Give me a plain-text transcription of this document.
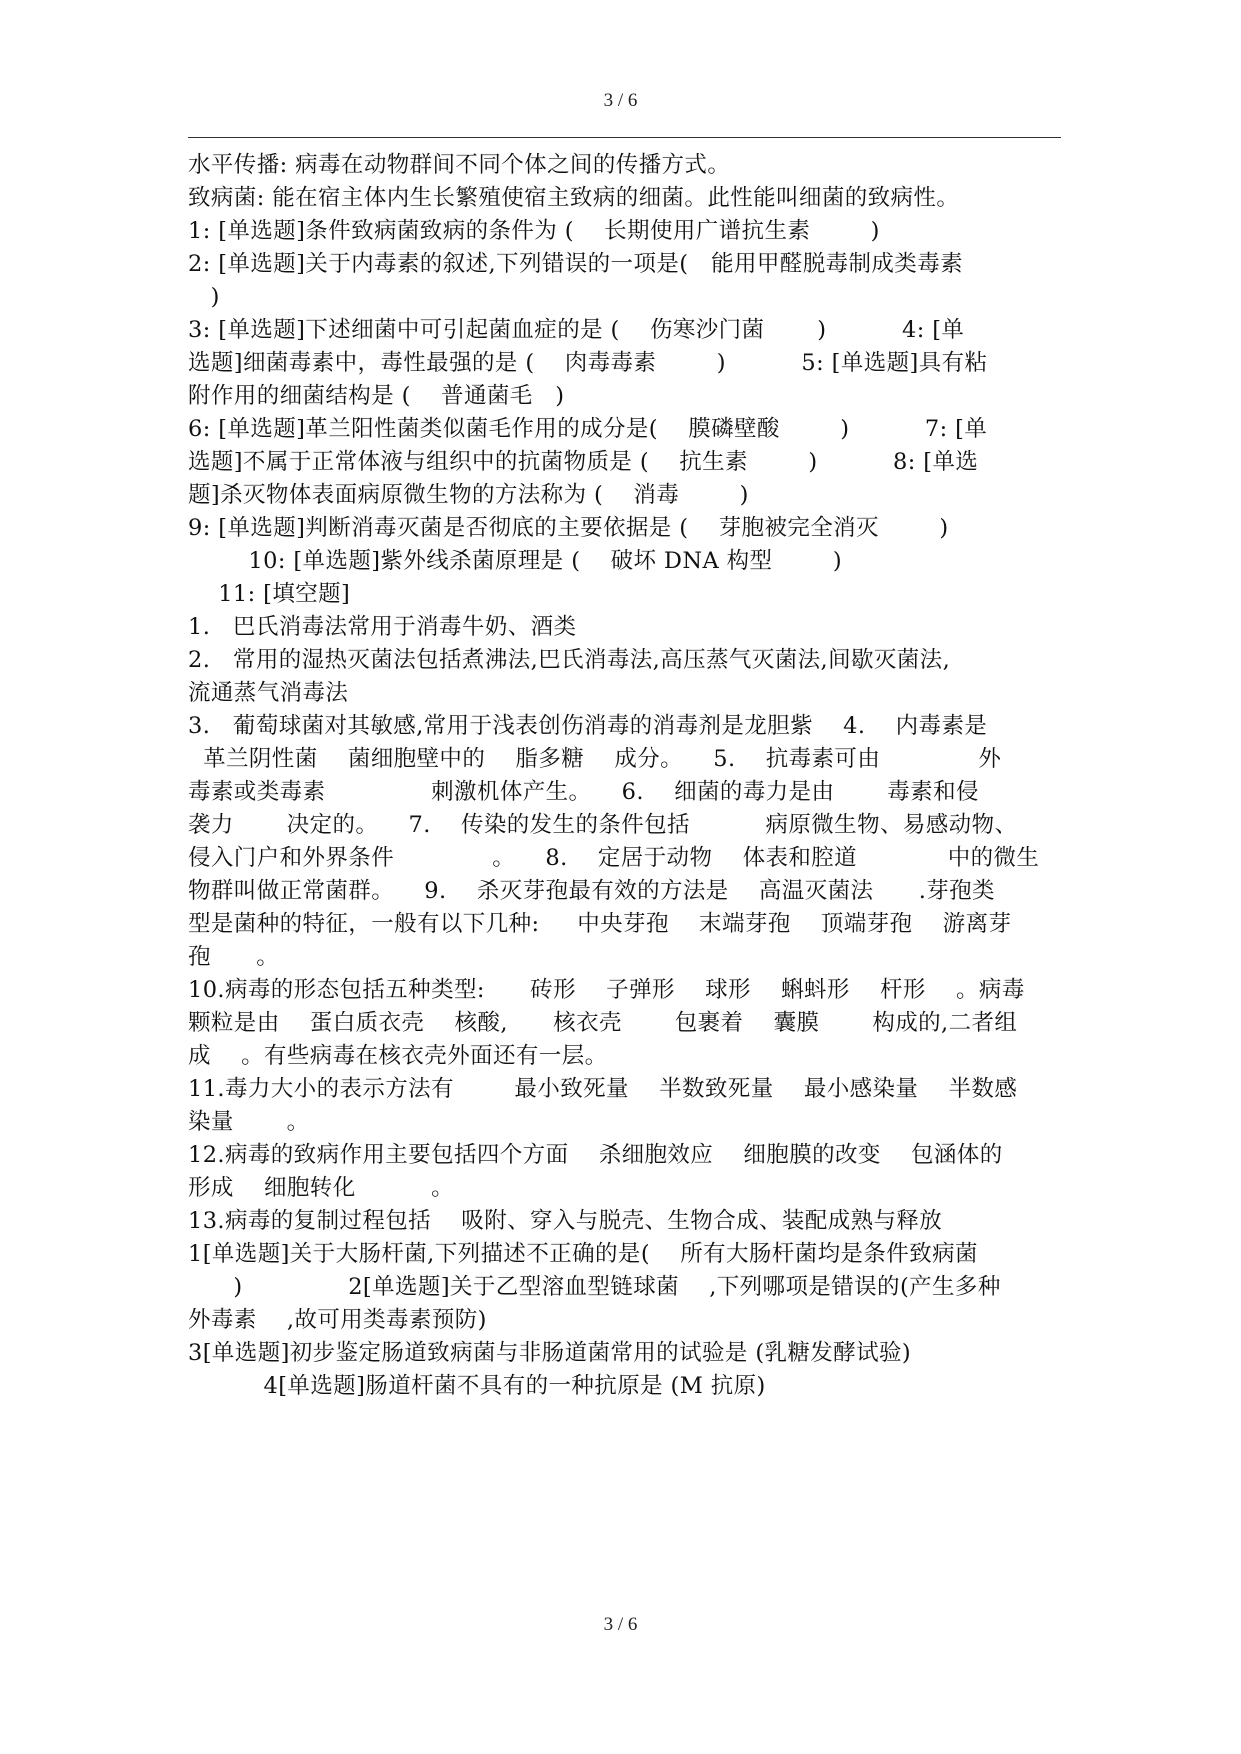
3 / 6
水平传播: 病毒在动物群间不同个体之间的传播方式。
致病菌: 能在宿主体内生长繁殖使宿主致病的细菌。此性能叫细菌的致病性。
1: [单选题]条件致病菌致病的条件为 (    长期使用广谱抗生素        )
2: [单选题]关于内毒素的叙述,下列错误的一项是(   能用甲醛脱毒制成类毒素
)
3: [单选题]下述细菌中可引起菌血症的是 (    伤寒沙门菌       )          4: [单
选题]细菌毒素中，毒性最强的是 (    肉毒毒素        )          5: [单选题]具有粘
附作用的细菌结构是 (    普通菌毛   )
6: [单选题]革兰阳性菌类似菌毛作用的成分是(    膜磷壁酸        )          7: [单
选题]不属于正常体液与组织中的抗菌物质是 (    抗生素        )          8: [单选
题]杀灭物体表面病原微生物的方法称为 (    消毒        )
9: [单选题]判断消毒灭菌是否彻底的主要依据是 (    芽胞被完全消灭        )
10: [单选题]紫外线杀菌原理是 (    破坏 DNA 构型        )
11: [填空题]
1.   巴氏消毒法常用于消毒牛奶、酒类
2.   常用的湿热灭菌法包括煮沸法,巴氏消毒法,高压蒸气灭菌法,间歇灭菌法,
流通蒸气消毒法
3.   葡萄球菌对其敏感,常用于浅表创伤消毒的消毒剂是龙胆紫    4.    内毒素是
革兰阴性菌    菌细胞壁中的    脂多糖    成分。    5.    抗毒素可由             外
毒素或类毒素              刺激机体产生。    6.    细菌的毒力是由       毒素和侵
袭力       决定的。    7.    传染的发生的条件包括          病原微生物、易感动物、
侵入门户和外界条件             。    8.    定居于动物    体表和腔道            中的微生
物群叫做正常菌群。    9.    杀灭芽孢最有效的方法是    高温灭菌法      .芽孢类
型是菌种的特征，一般有以下几种:     中央芽孢    末端芽孢    顶端芽孢    游离芽
孢      。
10.病毒的形态包括五种类型:      砖形    子弹形    球形    蝌蚪形    杆形    。病毒
颗粒是由    蛋白质衣壳    核酸,      核衣壳       包裹着    囊膜       构成的,二者组
成    。有些病毒在核衣壳外面还有一层。
11.毒力大小的表示方法有        最小致死量    半数致死量    最小感染量    半数感
染量       。
12.病毒的致病作用主要包括四个方面    杀细胞效应    细胞膜的改变    包涵体的
形成    细胞转化          。
13.病毒的复制过程包括    吸附、穿入与脱壳、生物合成、装配成熟与释放
1[单选题]关于大肠杆菌,下列描述不正确的是(    所有大肠杆菌均是条件致病菌
)              2[单选题]关于乙型溶血型链球菌    ,下列哪项是错误的(产生多种
外毒素    ,故可用类毒素预防)
3[单选题]初步鉴定肠道致病菌与非肠道菌常用的试验是 (乳糖发酵试验)
4[单选题]肠道杆菌不具有的一种抗原是 (M 抗原)
3 / 6
